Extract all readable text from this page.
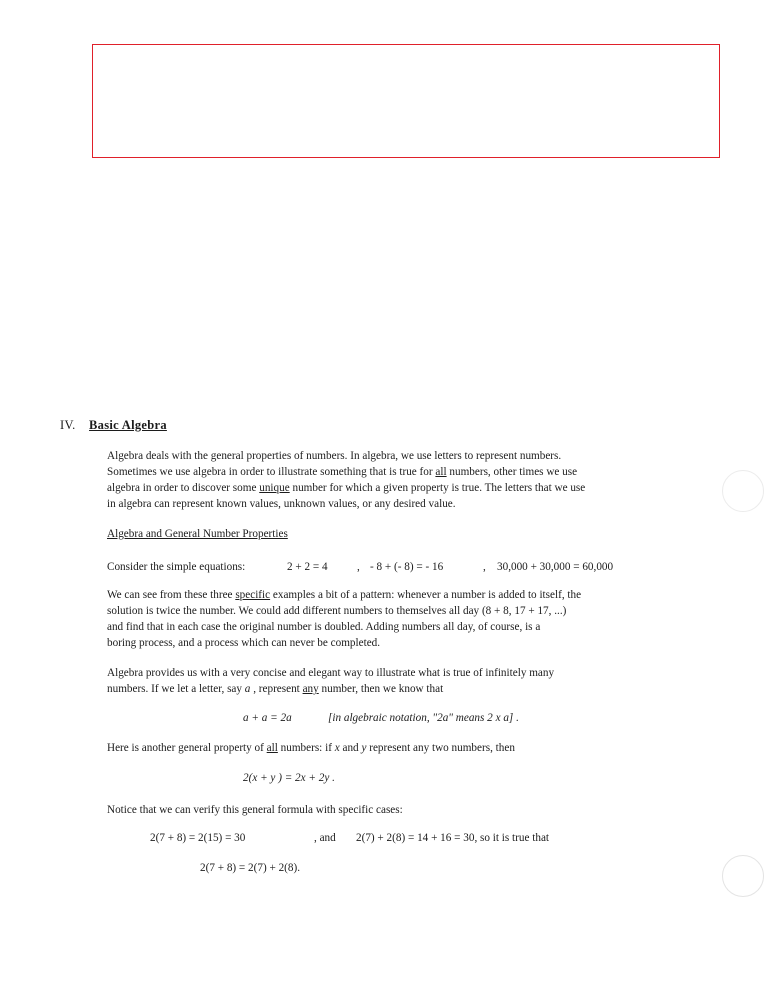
IV. Basic Algebra
Algebra deals with the general properties of numbers. In algebra, we use letters to represent numbers.
Sometimes we use algebra in order to illustrate something that is true for all numbers, other times we use
algebra in order to discover some unique number for which a given property is true. The letters that we use
in algebra can represent known values, unknown values, or any desired value.
Algebra and General Number Properties
Consider the simple equations:	2 + 2 = 4	, - 8 + (- 8) = - 16	, 30,000 + 30,000 = 60,000
We can see from these three specific examples a bit of a pattern: whenever a number is added to itself, the
solution is twice the number. We could add different numbers to themselves all day (8 + 8, 17 + 17, ...)
and find that in each case the original number is doubled. Adding numbers all day, of course, is a
boring process, and a process which can never be completed.
Algebra provides us with a very concise and elegant way to illustrate what is true of infinitely many
numbers. If we let a letter, say a , represent any number, then we know that
a + a = 2a	[in algebraic notation, "2a" means 2 x a] .
Here is another general property of all numbers: if x and y represent any two numbers, then
2(x + y ) = 2x + 2y .
Notice that we can verify this general formula with specific cases:
2(7 + 8) = 2(15) = 30	, and 2(7) + 2(8) = 14 + 16 = 30, so it is true that
2(7 + 8) = 2(7) + 2(8).
